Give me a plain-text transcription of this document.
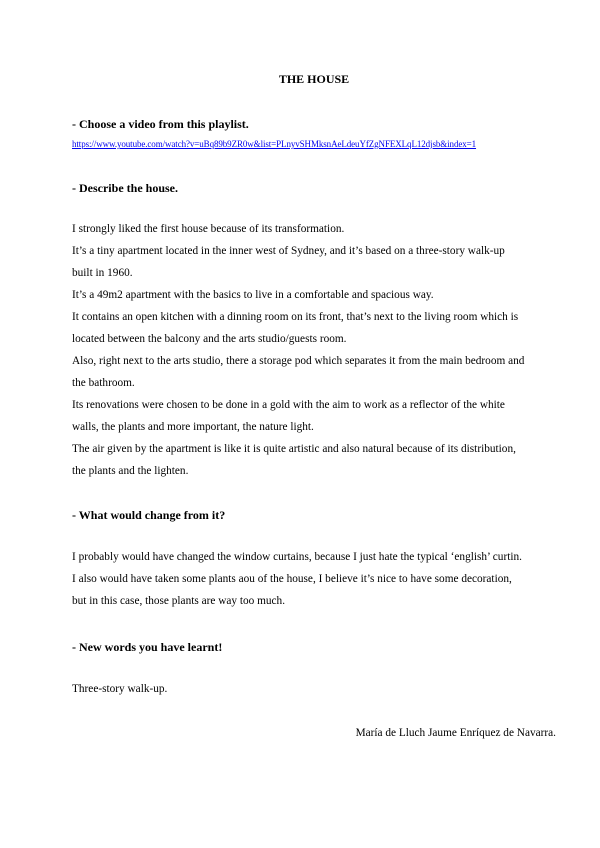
THE HOUSE
- Choose a video from this playlist.
https://www.youtube.com/watch?v=uBq89b9ZR0w&list=PLnyvSHMksnAeLdeuYfZgNFEXLqL12djsb&index=1
- Describe the house.
I strongly liked the first house because of its transformation.
It’s a tiny apartment located in the inner west of Sydney, and it’s based on a three-story walk-up
built in 1960.
It’s a 49m2 apartment with the basics to live in a comfortable and spacious way.
It contains an open kitchen with a dinning room on its front, that’s next to the living room which is
located between the balcony and the arts studio/guests room.
Also, right next to the arts studio, there a storage pod which separates it from the main bedroom and
the bathroom.
Its renovations were chosen to be done in a gold with the aim to work as a reflector of the white
walls, the plants and more important, the nature light.
The air given by the apartment is like it is quite artistic and also natural because of its distribution,
the plants and the lighten.
- What would change from it?
I probably would have changed the window curtains, because I just hate the typical ‘english’ curtin.
I also would have taken some plants aou of the house, I believe it’s nice to have some decoration,
but in this case, those plants are way too much.
- New words you have learnt!
Three-story walk-up.
María de Lluch Jaume Enríquez de Navarra.
